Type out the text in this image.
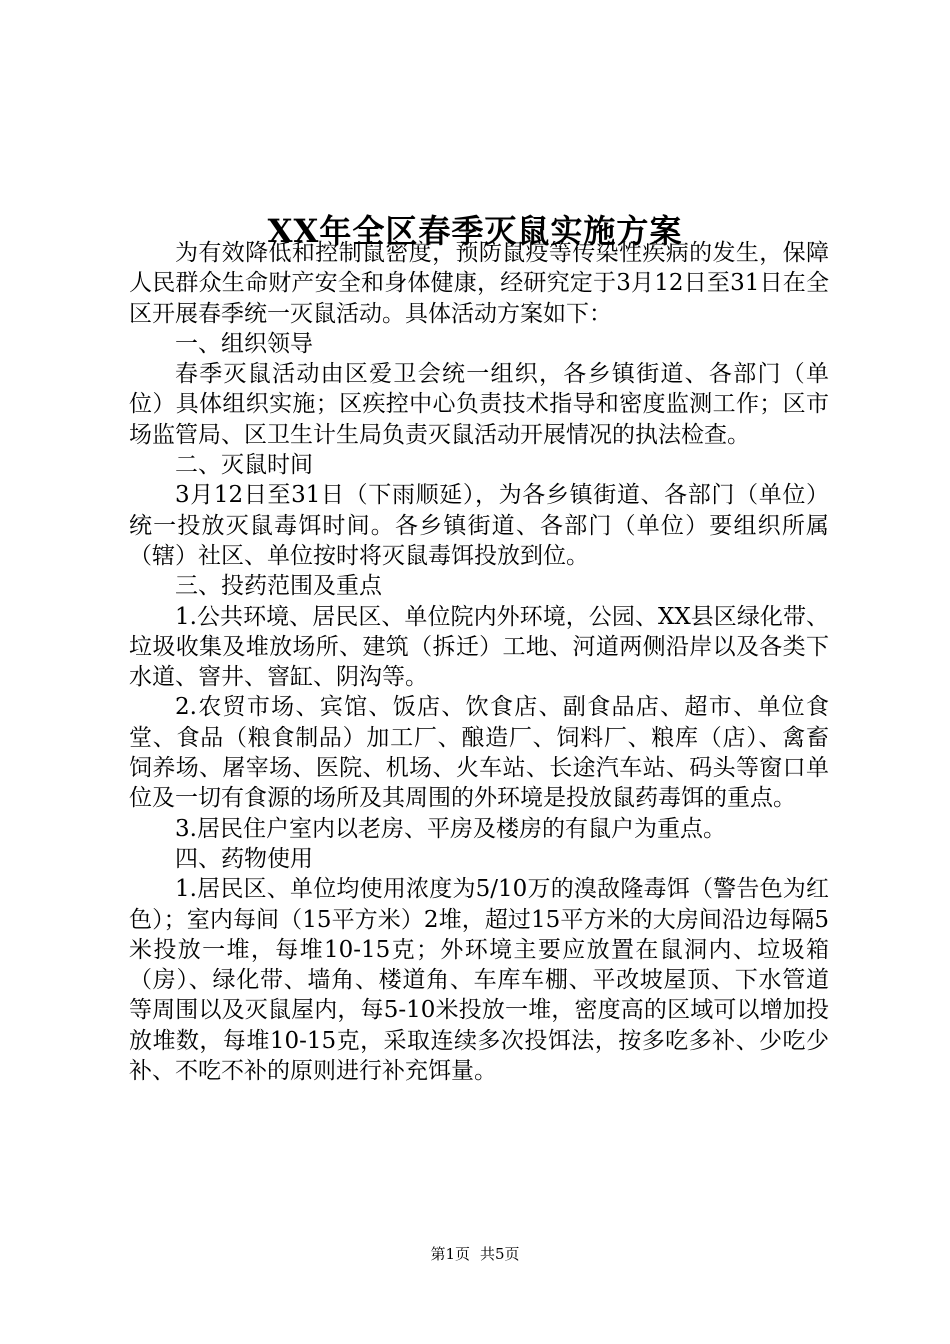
XX年全区春季灭鼠实施方案

为有效降低和控制鼠密度，预防鼠疫等传染性疾病的发生，保障人民群众生命财产安全和身体健康，经研究定于3月12日至31日在全区开展春季统一灭鼠活动。具体活动方案如下：

一、组织领导

春季灭鼠活动由区爱卫会统一组织，各乡镇街道、各部门（单位）具体组织实施；区疾控中心负责技术指导和密度监测工作；区市场监管局、区卫生计生局负责灭鼠活动开展情况的执法检查。

二、灭鼠时间

3月12日至31日（下雨顺延），为各乡镇街道、各部门（单位）统一投放灭鼠毒饵时间。各乡镇街道、各部门（单位）要组织所属（辖）社区、单位按时将灭鼠毒饵投放到位。

三、投药范围及重点

1.公共环境、居民区、单位院内外环境，公园、XX县区绿化带、垃圾收集及堆放场所、建筑（拆迁）工地、河道两侧沿岸以及各类下水道、窨井、窨缸、阴沟等。

2.农贸市场、宾馆、饭店、饮食店、副食品店、超市、单位食堂、食品（粮食制品）加工厂、酿造厂、饲料厂、粮库（店）、禽畜饲养场、屠宰场、医院、机场、火车站、长途汽车站、码头等窗口单位及一切有食源的场所及其周围的外环境是投放鼠药毒饵的重点。

3.居民住户室内以老房、平房及楼房的有鼠户为重点。

四、药物使用

1.居民区、单位均使用浓度为5/10万的溴敌隆毒饵（警告色为红色）；室内每间（15平方米）2堆，超过15平方米的大房间沿边每隔5米投放一堆，每堆10-15克；外环境主要应放置在鼠洞内、垃圾箱（房）、绿化带、墙角、楼道角、车库车棚、平改坡屋顶、下水管道等周围以及灭鼠屋内，每5-10米投放一堆，密度高的区域可以增加投放堆数，每堆10-15克，采取连续多次投饵法，按多吃多补、少吃少补、不吃不补的原则进行补充饵量。

第1页 共5页
